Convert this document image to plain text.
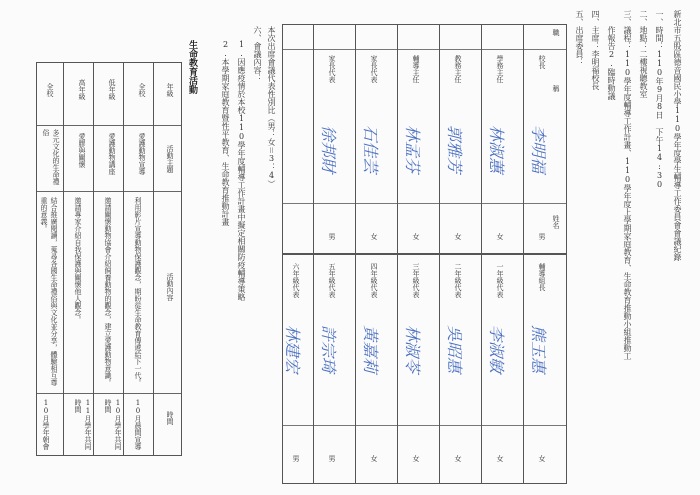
新北市五股區德音國民小學110學年度學生輔導工作委員會會議紀錄
一、時間：110年9月8日 下午14:30
二、地點：二樓視聽教室
三、議程：110學年度輔導工作計畫、110學年度上學期家庭教育、生命教育推動小組推動工
作報告2.臨時動議
四、主席：李明福校長
五、出席委員：
職
稱
姓名
校長
學務主任
教務主任
輔導主任
家長代表
家長代表
男
女
女
女
女
男
李明福
林淑蕙
郭雅芳
林孟芬
石佳芸
徐邦財
輔導組長
一年級代表
二年級代表
三年級代表
四年級代表
五年級代表
六年級代表
熊玉惠
李淑敏
吳昭惠
林淑苓
黃嘉莉
許宗琦
林建宏
女
女
女
女
女
男
男
本次出席會議代表性別比（男：女＝3：4）
六、會議內容：
1.因應疫情於本校110學年度輔導工作計畫中擬定相關防疫輔導策略
2.本學期家庭教育暨性平教育、生命教育推動計畫
生命教育活動
年級
活動主題
活動內容
時間
全校
低年級
高年級
全校
愛護動物宣導
愛護動物講座
愛膠與關懷
多元文化的生命禮俗
利用影片宣導動物保護觀念，期盼從生命教育傳遞給下一代。
邀請關懷動物協會介紹飼養動物的觀念，建立愛護動物意識。
邀請專家介紹自我保護與關懷他人觀念。
結合推廣閱讀，蒐尋各國生命禮俗與文化並分享，體驗相互尊重的意義。
10月晨間宣導
10月學年共同時間
11月學年共同時間
10月學年朝會
